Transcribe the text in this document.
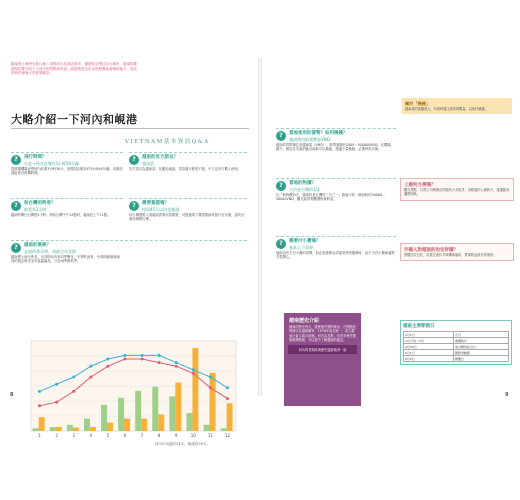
越南與上海時光旅行地・直飛河內及胡志明市，優惠航空飛往各大城市，越南的簽證相信要介紹不少河內的景點與美食。峴港則是近年以度假勝地著稱的地方，長長的海岸線與大型度假飯店。
大略介紹一下河內和峴港
VIETNAM基本資訊Q&A
?	飛行時間？
台北→河內直飛約3小時30分鐘
從桃園機場直飛河內約需3小時30分，直飛胡志明市約3小時40分鐘。出發前請留意各班機時間。
?	越南的官方語言？
越南語
官方語言為越南語。在觀光地區，英語通行程度不錯，中文也有少數人使用。
?	和台灣的時差？
時差為1小時
越南時間比台灣慢1小時。例如台灣中午12點時，越南是上午11點。
?	需要簽證嗎？
停留45天以內免簽證
持台灣護照入境越南需要申請簽證，可透過電子簽證系統或旅行社代辦，請於出發前辦理完畢。
?	越南的氣候？
北部四季分明，南部全年炎熱
越南國土南北狹長，北部的河內有四季變化，冬季較涼爽；中部的峴港與南部的胡志明市全年氣溫偏高，分為雨季與乾季。
1	2	3	4	5	6	7	8	9	10	11	12
河內年均溫約24℃，峴港約26℃。
?	當地使用的貨幣？如何換錢？
越南使用的貨幣是VND
越南的貨幣單位是越南盾（VND），紙幣面額有1000～500000VND。在機場、銀行、飯店及市區的匯兌處都可以換錢，建議少量換匯，必要時再多換。
?	當地的物價？
大約是台灣的1/3
以一般物價而言，越南約是台灣的三分之一。路邊小吃一碗河粉約30000～50000VND，觀光區的餐廳價格會較高。
?	需要付小費嗎？
基本上不需要
越南沒有支付小費的習慣，但在高級飯店或接受特別服務時，給予少許小費會讓對方很開心。
越南歷史介紹
越南的歷史悠久，經歷過中國的統治、法國殖民時期以及越南戰爭，1976年南北統一，成立越南社會主義共和國。河內為首都，有許多歷史建築與博物館，可以從中了解越南的過去。
河內的老街區與歷史遺跡值得一訪
關於「換錢」
越南盾的面額很大，付款時要注意零的數量，以免付錯錢。
上廁所方便嗎？
觀光景點、百貨公司與飯店的廁所大多乾淨，但路邊的公廁較少，建議隨身攜帶面紙。
外國人對越南的治安評價？
整體治安良好，但要注意扒手與機車搶劫，貴重物品請妥善保管。
越南主要節假日
1月1日	元旦
1月下旬～2月	農曆新年
4月30日	南方解放紀念日
5月1日	國際勞動節
9月2日	國慶日
8	9
